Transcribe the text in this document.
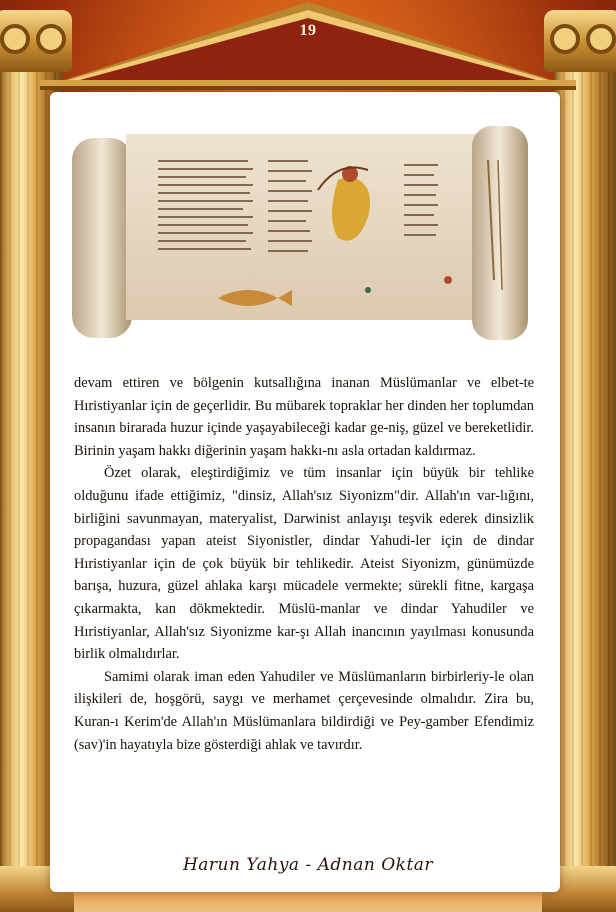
19

devam ettiren ve bölgenin kutsallığına inanan Müslümanlar ve elbet-te Hıristiyanlar için de geçerlidir. Bu mübarek topraklar her dinden her toplumdan insanın birarada huzur içinde yaşayabileceği kadar ge-niş, güzel ve bereketlidir. Birinin yaşam hakkı diğerinin yaşam hakkı-nı asla ortadan kaldırmaz.

Özet olarak, eleştirdiğimiz ve tüm insanlar için büyük bir tehlike olduğunu ifade ettiğimiz, "dinsiz, Allah'sız Siyonizm"dir. Allah'ın var-lığını, birliğini savunmayan, materyalist, Darwinist anlayışı teşvik ederek dinsizlik propagandası yapan ateist Siyonistler, dindar Yahudi-ler için de dindar Hıristiyanlar için de çok büyük bir tehlikedir. Ateist Siyonizm, günümüzde barışa, huzura, güzel ahlaka karşı mücadele vermekte; sürekli fitne, kargaşa çıkarmakta, kan dökmektedir. Müslü-manlar ve dindar Yahudiler ve Hıristiyanlar, Allah'sız Siyonizme kar-şı Allah inancının yayılması konusunda birlik olmalıdırlar.

Samimi olarak iman eden Yahudiler ve Müslümanların birbirleriy-le olan ilişkileri de, hoşgörü, saygı ve merhamet çerçevesinde olmalıdır. Zira bu, Kuran-ı Kerim'de Allah'ın Müslümanlara bildirdiği ve Pey-gamber Efendimiz (sav)'in hayatıyla bize gösterdiği ahlak ve tavırdır.

Harun Yahya - Adnan Oktar
